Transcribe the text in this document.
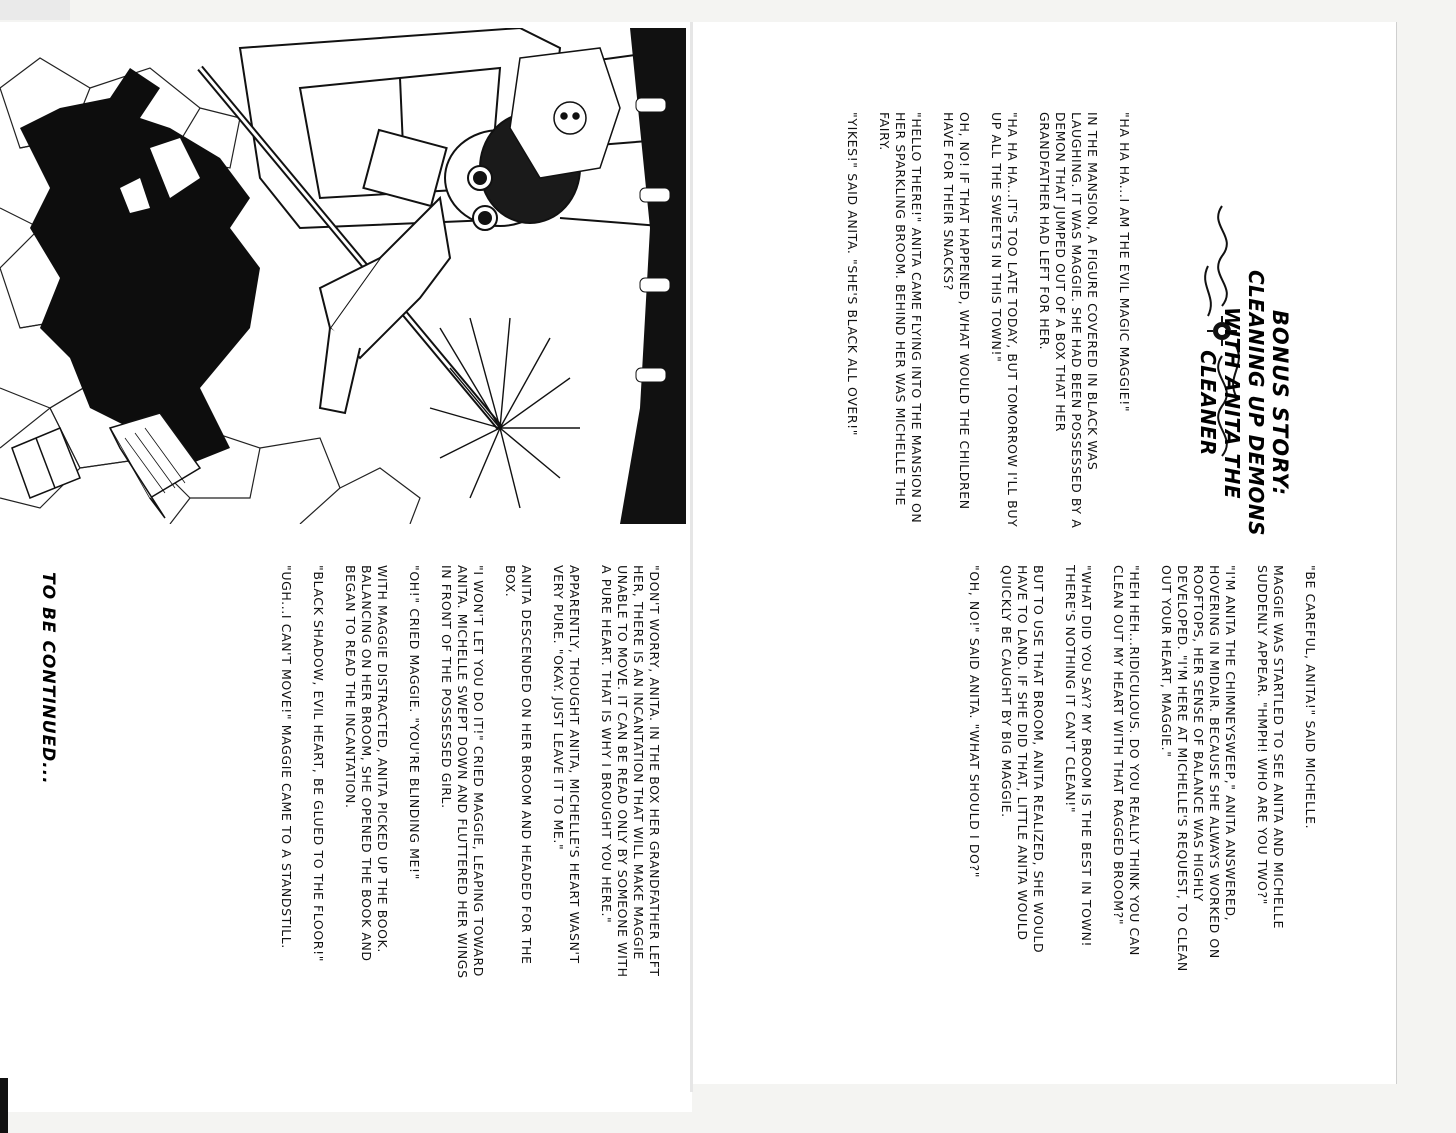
BONUS STORY:
CLEANING UP DEMONS
WITH ANITA THE CLEANER

"HA HA HA...I AM THE EVIL MAGIC MAGGIE!"

IN THE MANSION, A FIGURE COVERED IN BLACK WAS LAUGHING. IT WAS MAGGIE. SHE HAD BEEN POSSESSED BY A DEMON THAT JUMPED OUT OF A BOX THAT HER GRANDFATHER HAD LEFT FOR HER.

"HA HA HA...IT'S TOO LATE TODAY, BUT TOMORROW I'LL BUY UP ALL THE SWEETS IN THIS TOWN!"

OH, NO! IF THAT HAPPENED, WHAT WOULD THE CHILDREN HAVE FOR THEIR SNACKS?

"HELLO THERE!" ANITA CAME FLYING INTO THE MANSION ON HER SPARKLING BROOM. BEHIND HER WAS MICHELLE THE FAIRY.

"YIKES!" SAID ANITA. "SHE'S BLACK ALL OVER!"

"BE CAREFUL, ANITA!" SAID MICHELLE.

MAGGIE WAS STARTLED TO SEE ANITA AND MICHELLE SUDDENLY APPEAR. "HMPH! WHO ARE YOU TWO?"

"I'M ANITA THE CHIMNEYSWEEP," ANITA ANSWERED, HOVERING IN MIDAIR. BECAUSE SHE ALWAYS WORKED ON ROOFTOPS, HER SENSE OF BALANCE WAS HIGHLY DEVELOPED. "I'M HERE AT MICHELLE'S REQUEST, TO CLEAN OUT YOUR HEART, MAGGIE."

"HEH HEH...RIDICULOUS. DO YOU REALLY THINK YOU CAN CLEAN OUT MY HEART WITH THAT RAGGED BROOM?"

"WHAT DID YOU SAY? MY BROOM IS THE BEST IN TOWN! THERE'S NOTHING IT CAN'T CLEAN!"

BUT TO USE THAT BROOM, ANITA REALIZED, SHE WOULD HAVE TO LAND. IF SHE DID THAT, LITTLE ANITA WOULD QUICKLY BE CAUGHT BY BIG MAGGIE.

"OH, NO!" SAID ANITA. "WHAT SHOULD I DO?"

"DON'T WORRY, ANITA. IN THE BOX HER GRANDFATHER LEFT HER, THERE IS AN INCANTATION THAT WILL MAKE MAGGIE UNABLE TO MOVE. IT CAN BE READ ONLY BY SOMEONE WITH A PURE HEART. THAT IS WHY I BROUGHT YOU HERE."

APPARENTLY, THOUGHT ANITA, MICHELLE'S HEART WASN'T VERY PURE. "OKAY. JUST LEAVE IT TO ME."

ANITA DESCENDED ON HER BROOM AND HEADED FOR THE BOX.

"I WON'T LET YOU DO IT!" CRIED MAGGIE, LEAPING TOWARD ANITA. MICHELLE SWEPT DOWN AND FLUTTERED HER WINGS IN FRONT OF THE POSSESSED GIRL.

"OH!" CRIED MAGGIE. "YOU'RE BLINDING ME!"

WITH MAGGIE DISTRACTED, ANITA PICKED UP THE BOOK. BALANCING ON HER BROOM, SHE OPENED THE BOOK AND BEGAN TO READ THE INCANTATION.

"BLACK SHADOW, EVIL HEART, BE GLUED TO THE FLOOR!"

"UGH...I CAN'T MOVE!" MAGGIE CAME TO A STANDSTILL.

TO BE CONTINUED...
